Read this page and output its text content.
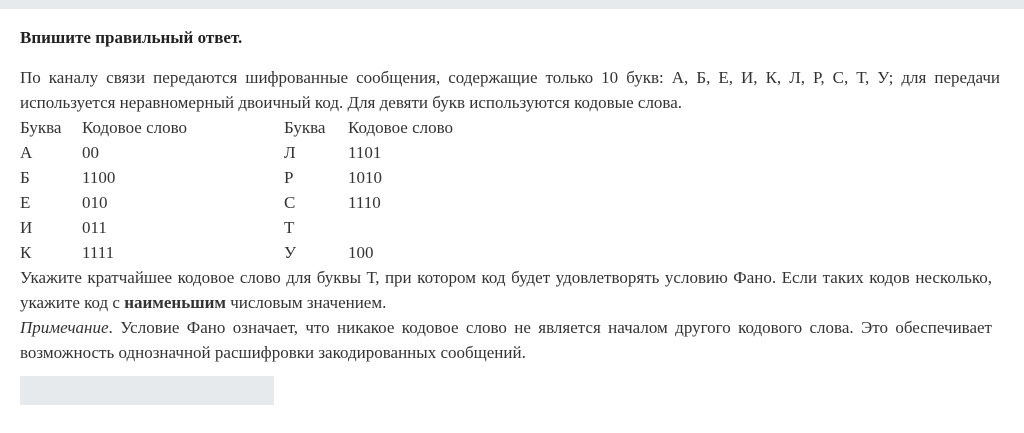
Впишите правильный ответ.

По каналу связи передаются шифрованные сообщения, содержащие только 10 букв: А, Б, Е, И, К, Л, Р, С, Т, У; для передачи используется неравномерный двоичный код. Для девяти букв используются кодовые слова.

Буква	Кодовое слово	Буква	Кодовое слово
А	00	Л	1101
Б	1100	Р	1010
Е	010	С	1110
И	011	Т
К	1111	У	100

Укажите кратчайшее кодовое слово для буквы Т, при котором код будет удовлетворять условию Фано. Если таких кодов несколько, укажите код с наименьшим числовым значением.

Примечание. Условие Фано означает, что никакое кодовое слово не является началом другого кодового слова. Это обеспечивает возможность однозначной расшифровки закодированных сообщений.
